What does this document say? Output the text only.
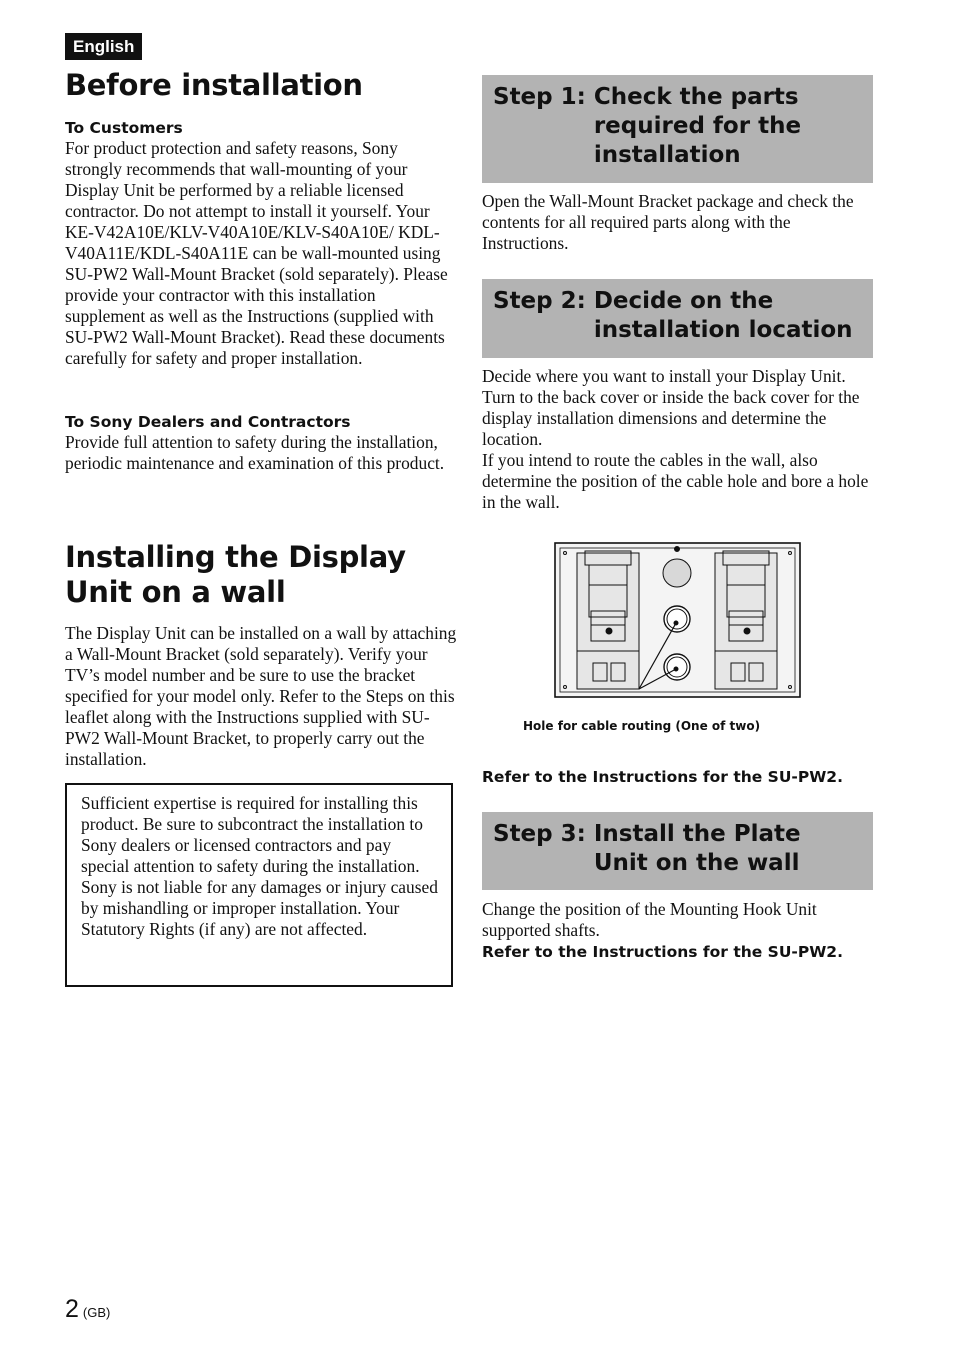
English
Before installation
To Customers

For product protection and safety reasons, Sony strongly recommends that wall-mounting of your Display Unit be performed by a reliable licensed contractor. Do not attempt to install it yourself. Your KE-V42A10E/KLV-V40A10E/KLV-S40A10E/ KDL-V40A11E/KDL-S40A11E can be wall-mounted using SU-PW2 Wall-Mount Bracket (sold separately). Please provide your contractor with this installation supplement as well as the Instructions (supplied with SU-PW2 Wall-Mount Bracket). Read these documents carefully for safety and proper installation.

To Sony Dealers and Contractors

Provide full attention to safety during the installation, periodic maintenance and examination of this product.

Installing the Display Unit on a wall

The Display Unit can be installed on a wall by attaching a Wall-Mount Bracket (sold separately). Verify your TV’s model number and be sure to use the bracket specified for your model only. Refer to the Steps on this leaflet along with the Instructions supplied with SU-PW2 Wall-Mount Bracket, to properly carry out the installation.

Sufficient expertise is required for installing this product. Be sure to subcontract the installation to Sony dealers or licensed contractors and pay special attention to safety during the installation.
Sony is not liable for any damages or injury caused by mishandling or improper installation. Your Statutory Rights (if any) are not affected.

Step 1: Check the parts required for the installation

Open the Wall-Mount Bracket package and check the contents for all required parts along with the Instructions.

Step 2: Decide on the installation location

Decide where you want to install your Display Unit. Turn to the back cover or inside the back cover for the display installation dimensions and determine the location.
If you intend to route the cables in the wall, also determine the position of the cable hole and bore a hole in the wall.

Hole for cable routing (One of two)
Refer to the Instructions for the SU-PW2.
Step 3: Install the Plate Unit on the wall

Change the position of the Mounting Hook Unit supported shafts.

Refer to the Instructions for the SU-PW2.
2 (GB)
